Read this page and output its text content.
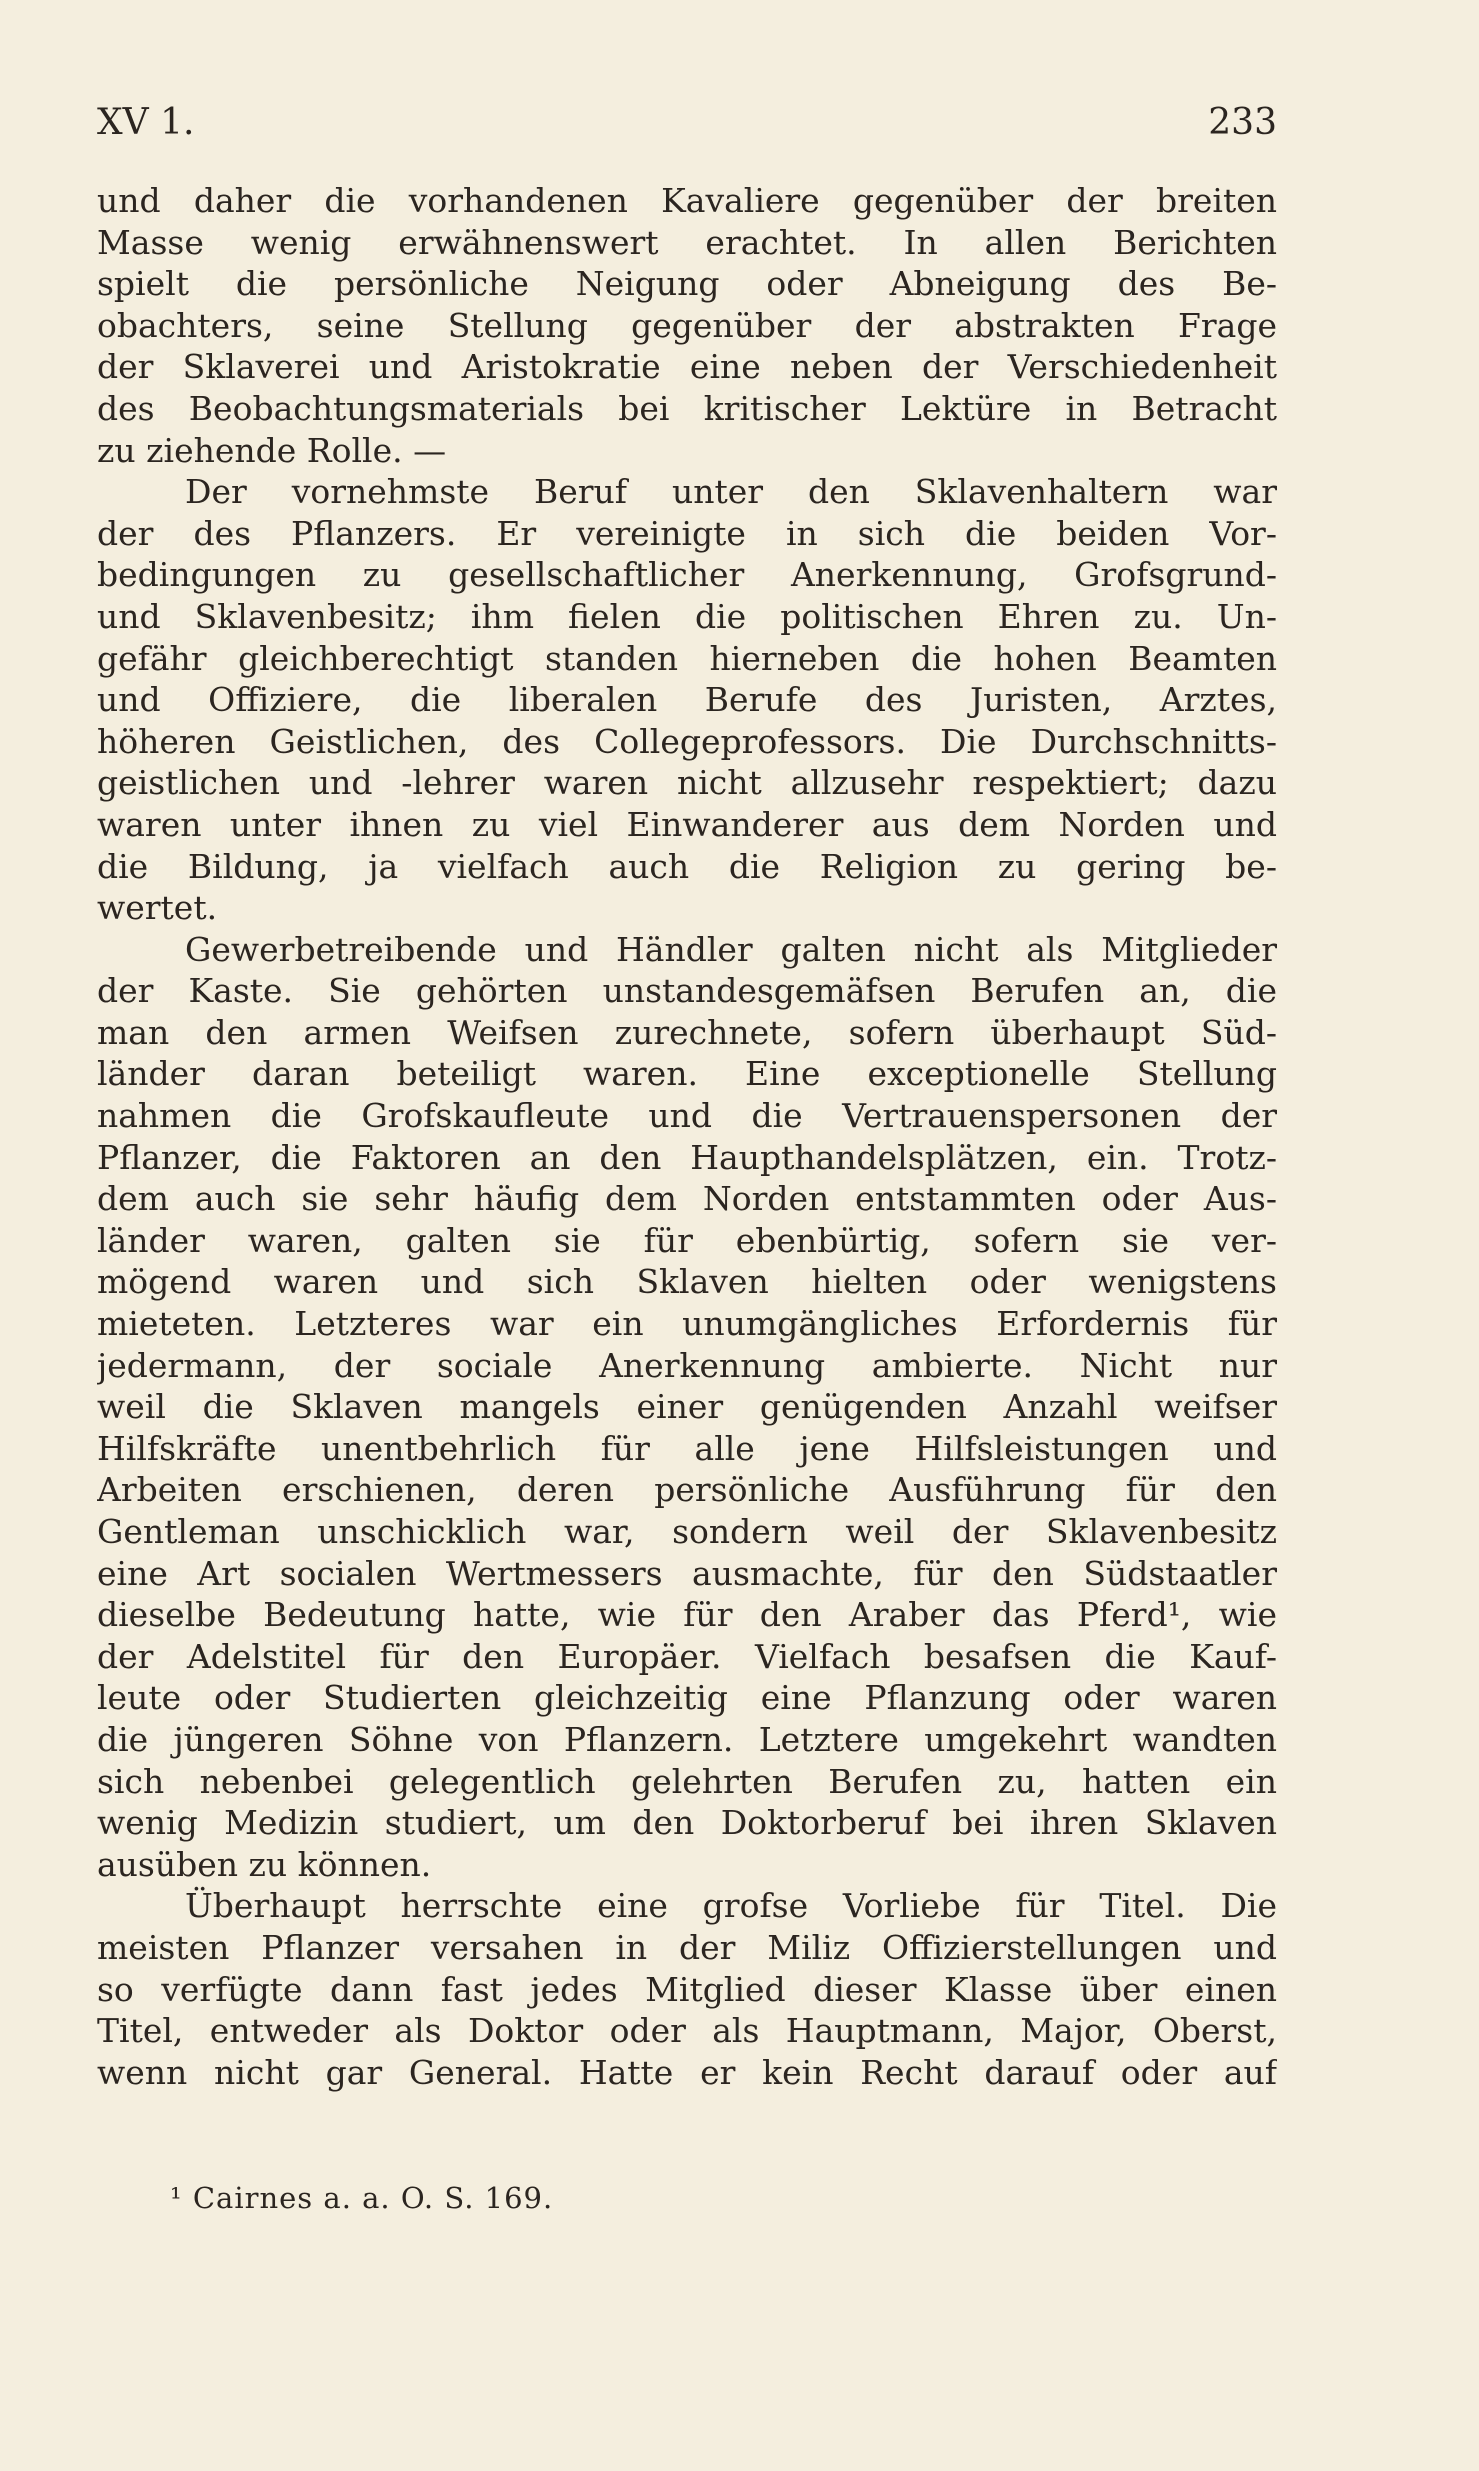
XV 1.	233
und daher die vorhandenen Kavaliere gegenüber der breiten
Masse wenig erwähnenswert erachtet. In allen Berichten
spielt die persönliche Neigung oder Abneigung des Be-
obachters, seine Stellung gegenüber der abstrakten Frage
der Sklaverei und Aristokratie eine neben der Verschiedenheit
des Beobachtungsmaterials bei kritischer Lektüre in Betracht
zu ziehende Rolle. —
Der vornehmste Beruf unter den Sklavenhaltern war
der des Pflanzers. Er vereinigte in sich die beiden Vor-
bedingungen zu gesellschaftlicher Anerkennung, Grofsgrund-
und Sklavenbesitz; ihm fielen die politischen Ehren zu. Un-
gefähr gleichberechtigt standen hierneben die hohen Beamten
und Offiziere, die liberalen Berufe des Juristen, Arztes,
höheren Geistlichen, des Collegeprofessors. Die Durchschnitts-
geistlichen und -lehrer waren nicht allzusehr respektiert; dazu
waren unter ihnen zu viel Einwanderer aus dem Norden und
die Bildung, ja vielfach auch die Religion zu gering be-
wertet.
Gewerbetreibende und Händler galten nicht als Mitglieder
der Kaste. Sie gehörten unstandesgemäfsen Berufen an, die
man den armen Weifsen zurechnete, sofern überhaupt Süd-
länder daran beteiligt waren. Eine exceptionelle Stellung
nahmen die Grofskaufleute und die Vertrauenspersonen der
Pflanzer, die Faktoren an den Haupthandelsplätzen, ein. Trotz-
dem auch sie sehr häufig dem Norden entstammten oder Aus-
länder waren, galten sie für ebenbürtig, sofern sie ver-
mögend waren und sich Sklaven hielten oder wenigstens
mieteten. Letzteres war ein unumgängliches Erfordernis für
jedermann, der sociale Anerkennung ambierte. Nicht nur
weil die Sklaven mangels einer genügenden Anzahl weifser
Hilfskräfte unentbehrlich für alle jene Hilfsleistungen und
Arbeiten erschienen, deren persönliche Ausführung für den
Gentleman unschicklich war, sondern weil der Sklavenbesitz
eine Art socialen Wertmessers ausmachte, für den Südstaatler
dieselbe Bedeutung hatte, wie für den Araber das Pferd¹, wie
der Adelstitel für den Europäer. Vielfach besafsen die Kauf-
leute oder Studierten gleichzeitig eine Pflanzung oder waren
die jüngeren Söhne von Pflanzern. Letztere umgekehrt wandten
sich nebenbei gelegentlich gelehrten Berufen zu, hatten ein
wenig Medizin studiert, um den Doktorberuf bei ihren Sklaven
ausüben zu können.
Überhaupt herrschte eine grofse Vorliebe für Titel. Die
meisten Pflanzer versahen in der Miliz Offizierstellungen und
so verfügte dann fast jedes Mitglied dieser Klasse über einen
Titel, entweder als Doktor oder als Hauptmann, Major, Oberst,
wenn nicht gar General. Hatte er kein Recht darauf oder auf
¹ Cairnes a. a. O. S. 169.
